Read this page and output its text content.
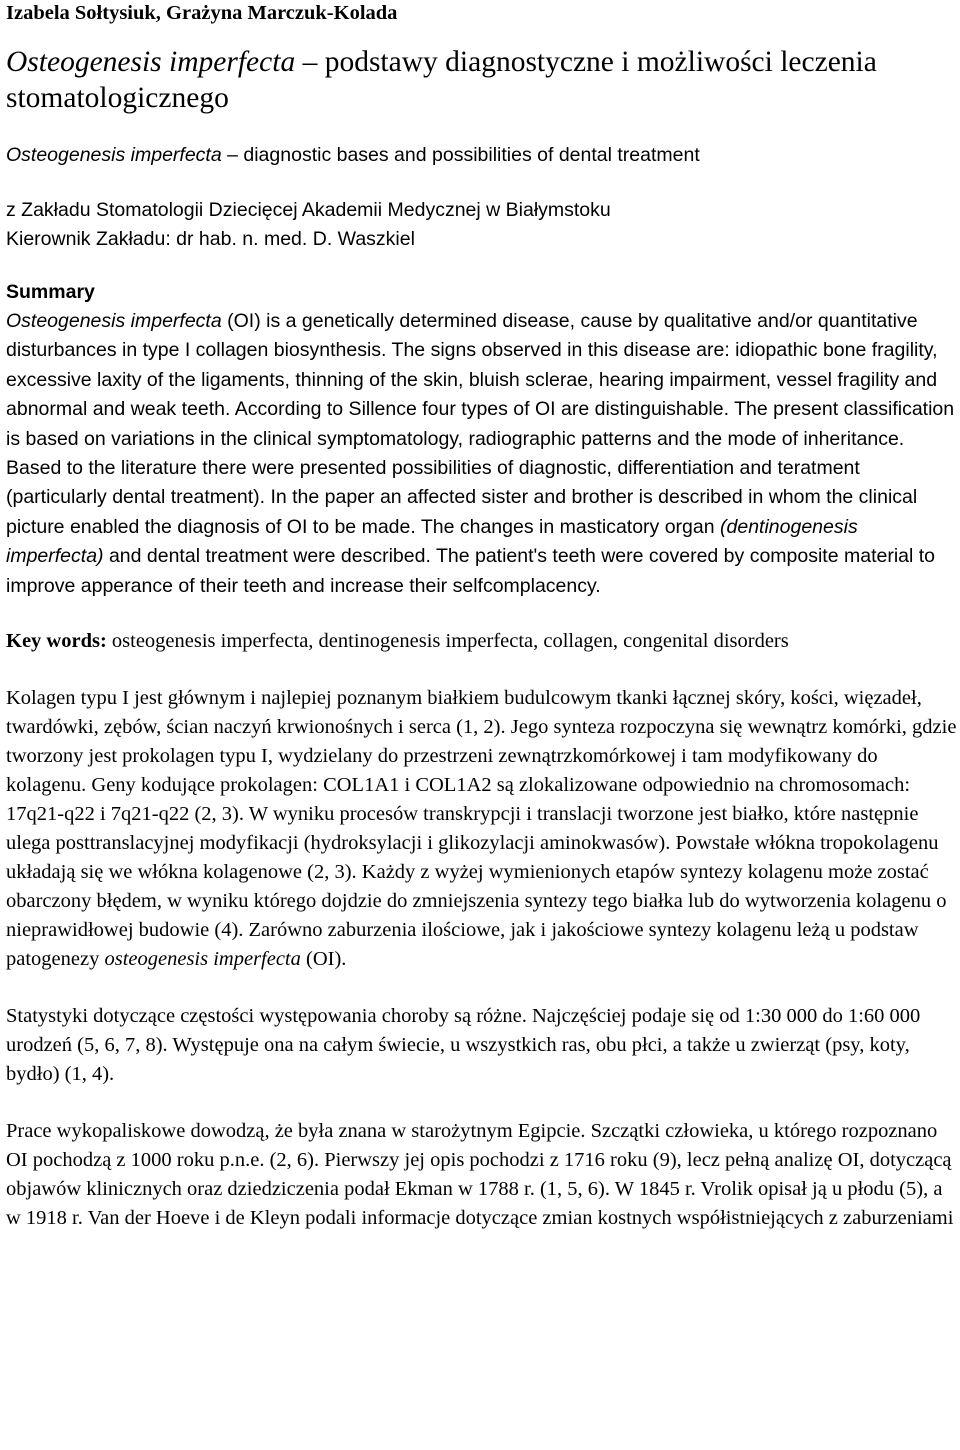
Izabela Sołtysiuk, Grażyna Marczuk-Kolada

Osteogenesis imperfecta – podstawy diagnostyczne i możliwości leczenia stomatologicznego

Osteogenesis imperfecta – diagnostic bases and possibilities of dental treatment

z Zakładu Stomatologii Dziecięcej Akademii Medycznej w Białymstoku
Kierownik Zakładu: dr hab. n. med. D. Waszkiel

Summary

Osteogenesis imperfecta (OI) is a genetically determined disease, cause by qualitative and/or quantitative disturbances in type I collagen biosynthesis. The signs observed in this disease are: idiopathic bone fragility, excessive laxity of the ligaments, thinning of the skin, bluish sclerae, hearing impairment, vessel fragility and abnormal and weak teeth. According to Sillence four types of OI are distinguishable. The present classification is based on variations in the clinical symptomatology, radiographic patterns and the mode of inheritance. Based to the literature there were presented possibilities of diagnostic, differentiation and teratment (particularly dental treatment). In the paper an affected sister and brother is described in whom the clinical picture enabled the diagnosis of OI to be made. The changes in masticatory organ (dentinogenesis imperfecta) and dental treatment were described. The patient's teeth were covered by composite material to improve apperance of their teeth and increase their selfcomplacency.

Key words: osteogenesis imperfecta, dentinogenesis imperfecta, collagen, congenital disorders

Kolagen typu I jest głównym i najlepiej poznanym białkiem budulcowym tkanki łącznej skóry, kości, więzadeł, twardówki, zębów, ścian naczyń krwionośnych i serca (1, 2). Jego synteza rozpoczyna się wewnątrz komórki, gdzie tworzony jest prokolagen typu I, wydzielany do przestrzeni zewnątrzkomórkowej i tam modyfikowany do kolagenu. Geny kodujące prokolagen: COL1A1 i COL1A2 są zlokalizowane odpowiednio na chromosomach: 17q21-q22 i 7q21-q22 (2, 3). W wyniku procesów transkrypcji i translacji tworzone jest białko, które następnie ulega posttranslacyjnej modyfikacji (hydroksylacji i glikozylacji aminokwasów). Powstałe włókna tropokolagenu układają się we włókna kolagenowe (2, 3). Każdy z wyżej wymienionych etapów syntezy kolagenu może zostać obarczony błędem, w wyniku którego dojdzie do zmniejszenia syntezy tego białka lub do wytworzenia kolagenu o nieprawidłowej budowie (4). Zarówno zaburzenia ilościowe, jak i jakościowe syntezy kolagenu leżą u podstaw patogenezy osteogenesis imperfecta (OI).

Statystyki dotyczące częstości występowania choroby są różne. Najczęściej podaje się od 1:30 000 do 1:60 000 urodzeń (5, 6, 7, 8). Występuje ona na całym świecie, u wszystkich ras, obu płci, a także u zwierząt (psy, koty, bydło) (1, 4).

Prace wykopaliskowe dowodzą, że była znana w starożytnym Egipcie. Szczątki człowieka, u którego rozpoznano OI pochodzą z 1000 roku p.n.e. (2, 6). Pierwszy jej opis pochodzi z 1716 roku (9), lecz pełną analizę OI, dotyczącą objawów klinicznych oraz dziedziczenia podał Ekman w 1788 r. (1, 5, 6). W 1845 r. Vrolik opisał ją u płodu (5), a w 1918 r. Van der Hoeve i de Kleyn podali informacje dotyczące zmian kostnych współistniejących z zaburzeniami
